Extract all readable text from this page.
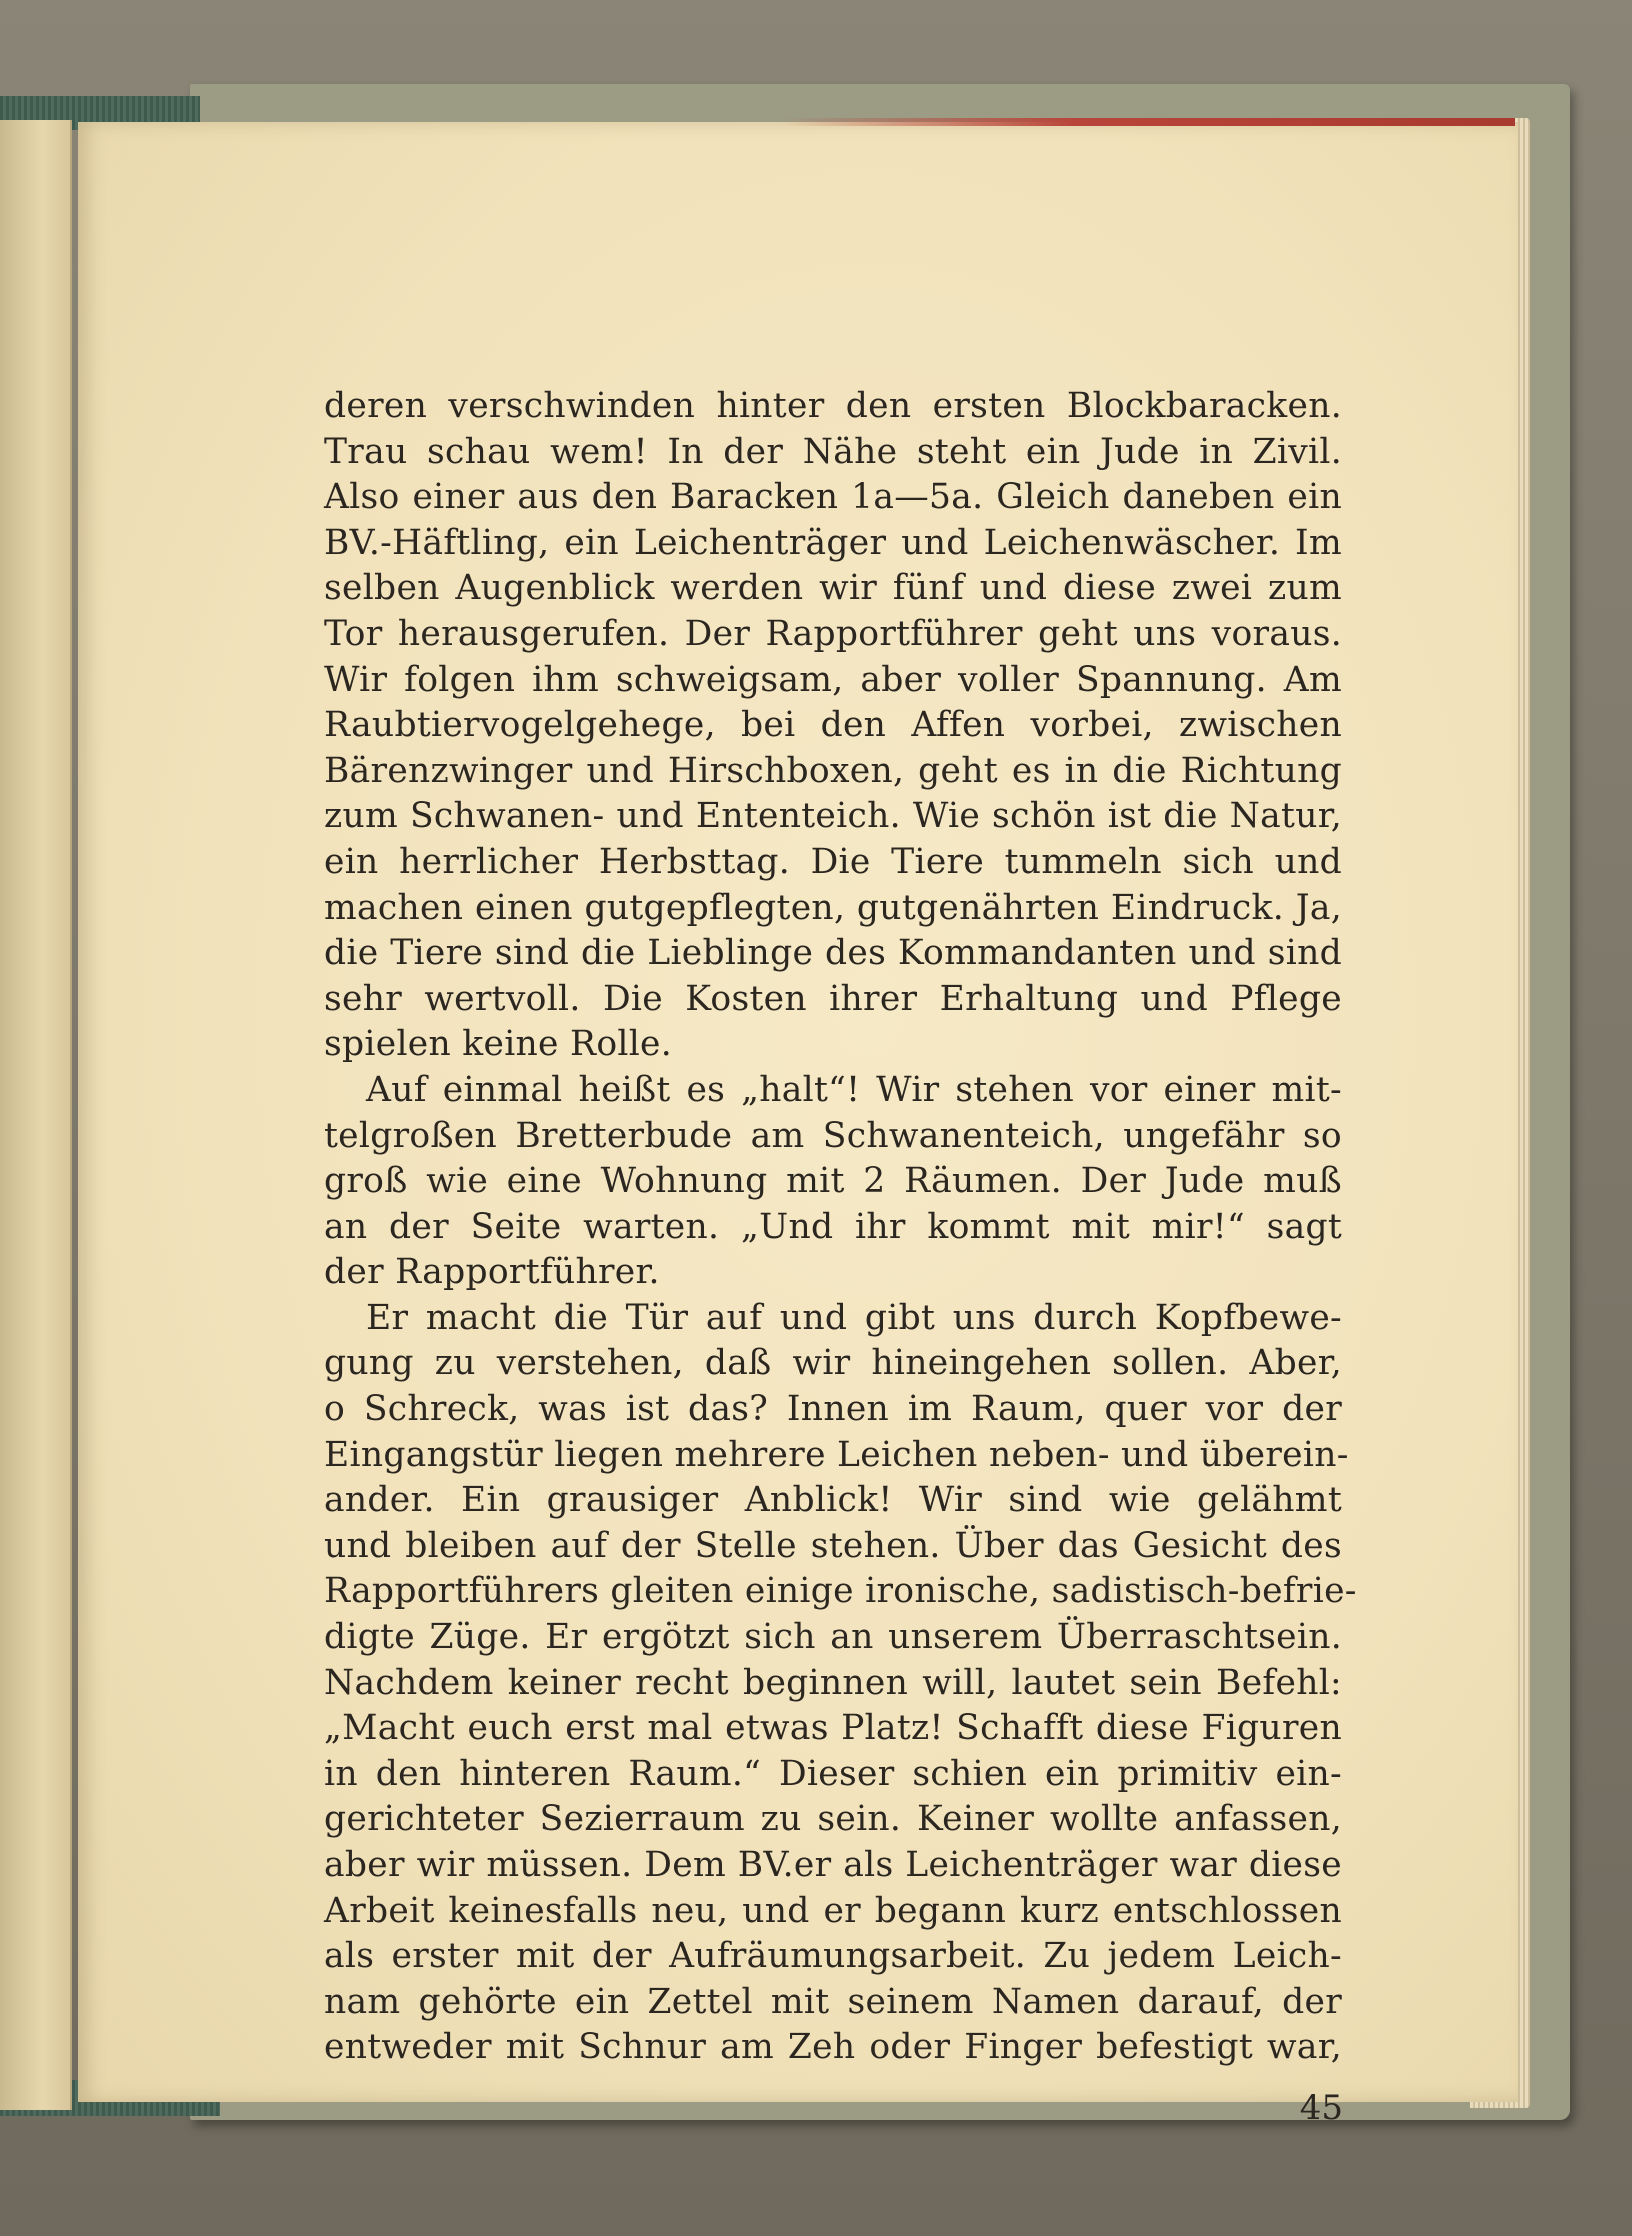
deren verschwinden hinter den ersten Blockbaracken.
Trau schau wem! In der Nähe steht ein Jude in Zivil.
Also einer aus den Baracken 1a—5a. Gleich daneben ein
BV.-Häftling, ein Leichenträger und Leichenwäscher. Im
selben Augenblick werden wir fünf und diese zwei zum
Tor herausgerufen. Der Rapportführer geht uns voraus.
Wir folgen ihm schweigsam, aber voller Spannung. Am
Raubtiervogelgehege, bei den Affen vorbei, zwischen
Bärenzwinger und Hirschboxen, geht es in die Richtung
zum Schwanen- und Ententeich. Wie schön ist die Natur,
ein herrlicher Herbsttag. Die Tiere tummeln sich und
machen einen gutgepflegten, gutgenährten Eindruck. Ja,
die Tiere sind die Lieblinge des Kommandanten und sind
sehr wertvoll. Die Kosten ihrer Erhaltung und Pflege
spielen keine Rolle.
Auf einmal heißt es „halt“! Wir stehen vor einer mit-
telgroßen Bretterbude am Schwanenteich, ungefähr so
groß wie eine Wohnung mit 2 Räumen. Der Jude muß
an der Seite warten. „Und ihr kommt mit mir!“ sagt
der Rapportführer.
Er macht die Tür auf und gibt uns durch Kopfbewe-
gung zu verstehen, daß wir hineingehen sollen. Aber,
o Schreck, was ist das? Innen im Raum, quer vor der
Eingangstür liegen mehrere Leichen neben- und überein-
ander. Ein grausiger Anblick! Wir sind wie gelähmt
und bleiben auf der Stelle stehen. Über das Gesicht des
Rapportführers gleiten einige ironische, sadistisch-befrie-
digte Züge. Er ergötzt sich an unserem Überraschtsein.
Nachdem keiner recht beginnen will, lautet sein Befehl:
„Macht euch erst mal etwas Platz! Schafft diese Figuren
in den hinteren Raum.“ Dieser schien ein primitiv ein-
gerichteter Sezierraum zu sein. Keiner wollte anfassen,
aber wir müssen. Dem BV.er als Leichenträger war diese
Arbeit keinesfalls neu, und er begann kurz entschlossen
als erster mit der Aufräumungsarbeit. Zu jedem Leich-
nam gehörte ein Zettel mit seinem Namen darauf, der
entweder mit Schnur am Zeh oder Finger befestigt war,
45
